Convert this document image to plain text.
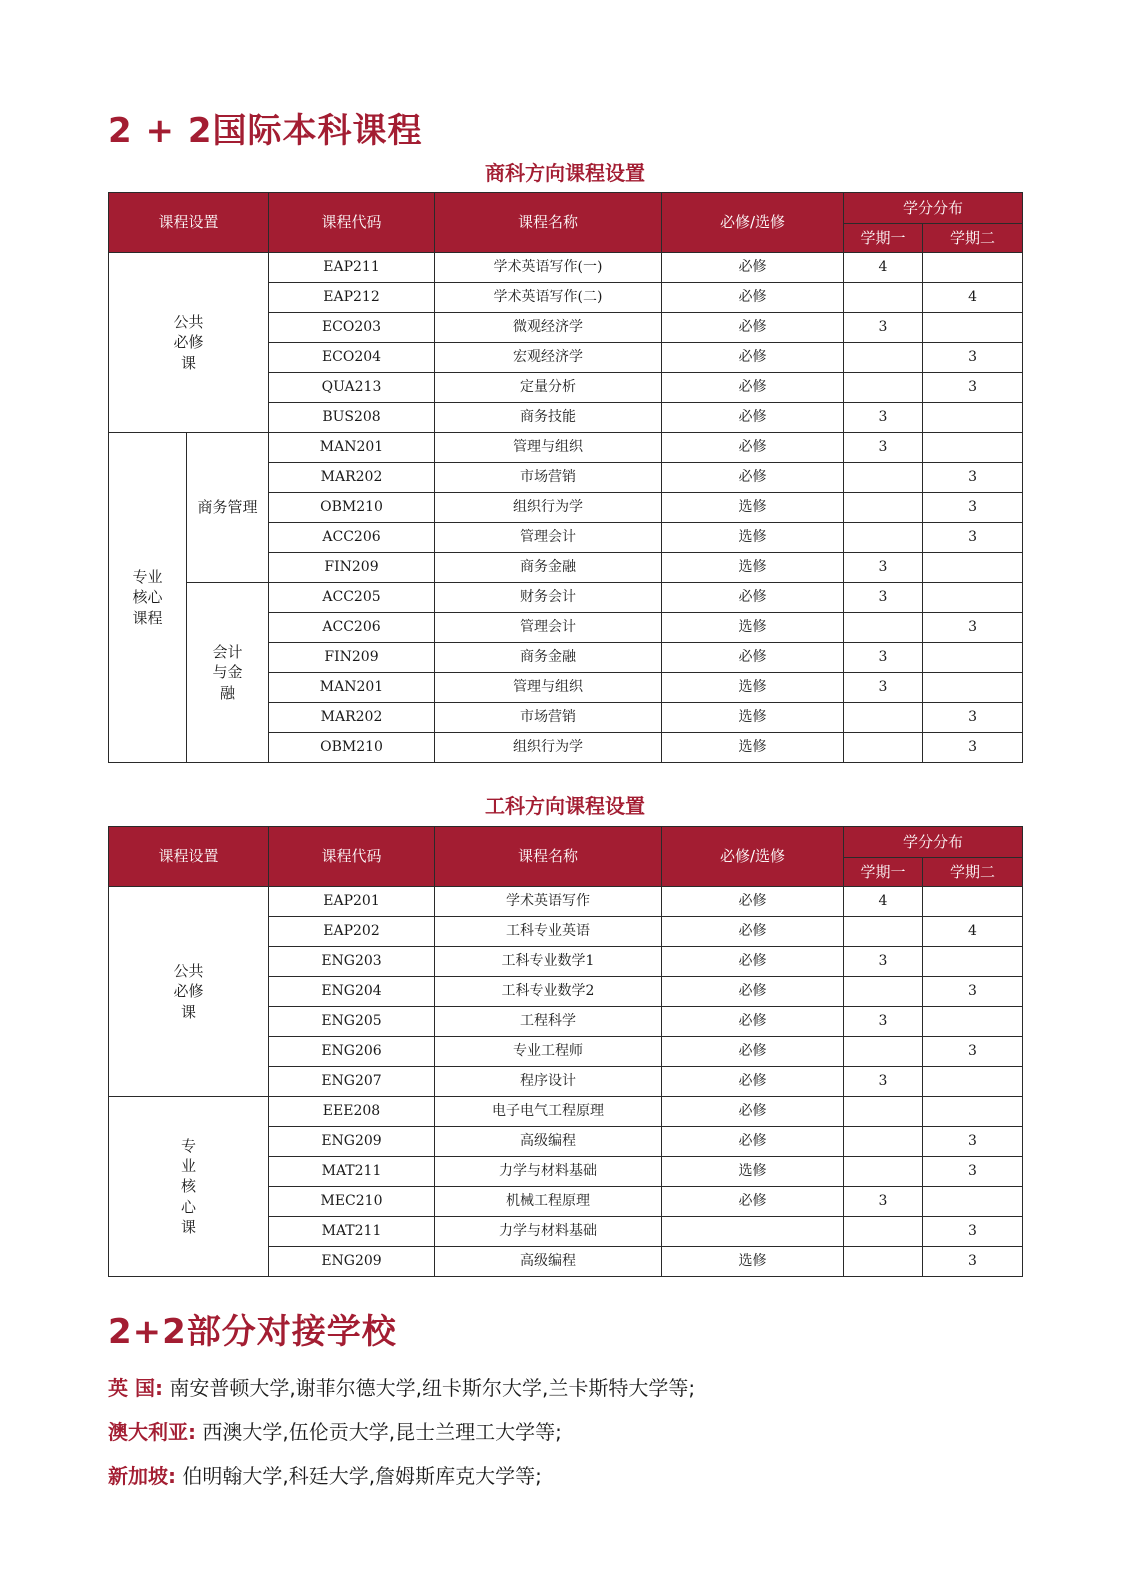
2 + 2国际本科课程
商科方向课程设置
课程设置		课程代码	课程名称	必修/选修	学分分布	
					学期一	学期二
公共必修课		EAP211	学术英语写作(一)	必修	4	
		EAP212	学术英语写作(二)	必修		4
		ECO203	微观经济学	必修	3	
		ECO204	宏观经济学	必修		3
		QUA213	定量分析	必修		3
		BUS208	商务技能	必修	3	
专业核心课程	商务管理	MAN201	管理与组织	必修	3	
		MAR202	市场营销	必修		3
		OBM210	组织行为学	选修		3
		ACC206	管理会计	选修		3
		FIN209	商务金融	选修	3	
	会计与金融	ACC205	财务会计	必修	3	
		ACC206	管理会计	选修		3
		FIN209	商务金融	必修	3	
		MAN201	管理与组织	选修	3	
		MAR202	市场营销	选修		3
		OBM210	组织行为学	选修		3
工科方向课程设置
课程设置	课程代码	课程名称	必修/选修	学分分布	
				学期一	学期二
公共必修课	EAP201	学术英语写作	必修	4	
	EAP202	工科专业英语	必修		4
	ENG203	工科专业数学1	必修	3	
	ENG204	工科专业数学2	必修		3
	ENG205	工程科学	必修	3	
	ENG206	专业工程师	必修		3
	ENG207	程序设计	必修	3	
专业核心课	EEE208	电子电气工程原理	必修		
	ENG209	高级编程	必修		3
	MAT211	力学与材料基础	选修		3
	MEC210	机械工程原理	必修	3	
	MAT211	力学与材料基础			3
	ENG209	高级编程	选修		3
2+2部分对接学校

英 国: 南安普顿大学,谢菲尔德大学,纽卡斯尔大学,兰卡斯特大学等;

澳大利亚: 西澳大学,伍伦贡大学,昆士兰理工大学等;

新加坡: 伯明翰大学,科廷大学,詹姆斯库克大学等;
